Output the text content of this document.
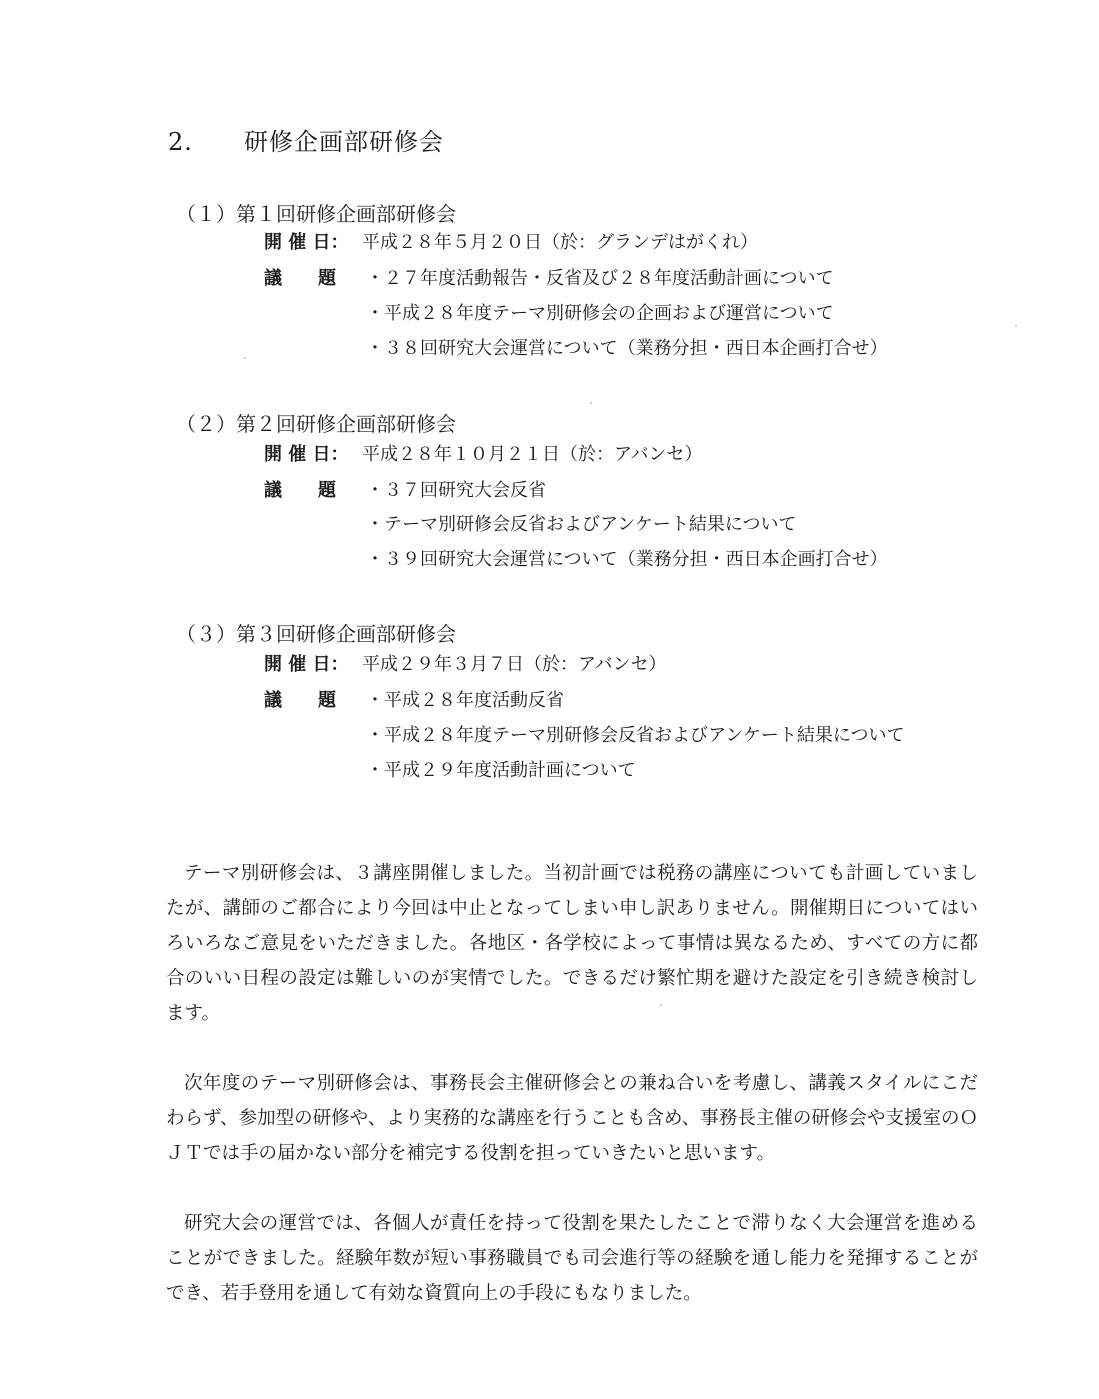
2. 研修企画部研修会
（１）第１回研修企画部研修会
開 催 日： 平成２８年５月２０日（於：グランデはがくれ）
議　　題	・２７年度活動報告・反省及び２８年度活動計画について
・平成２８年度テーマ別研修会の企画および運営について
・３８回研究大会運営について（業務分担・西日本企画打合せ）
（２）第２回研修企画部研修会
開 催 日： 平成２８年１０月２１日（於：アバンセ）
議　　題	・３７回研究大会反省
・テーマ別研修会反省およびアンケート結果について
・３９回研究大会運営について（業務分担・西日本企画打合せ）
（３）第３回研修企画部研修会
開 催 日： 平成２９年３月７日（於：アバンセ）
議　　題	・平成２８年度活動反省
・平成２８年度テーマ別研修会反省およびアンケート結果について
・平成２９年度活動計画について

テーマ別研修会は、３講座開催しました。当初計画では税務の講座についても計画していましたが、講師のご都合により今回は中止となってしまい申し訳ありません。開催期日についてはいろいろなご意見をいただきました。各地区・各学校によって事情は異なるため、すべての方に都合のいい日程の設定は難しいのが実情でした。できるだけ繁忙期を避けた設定を引き続き検討します。

次年度のテーマ別研修会は、事務長会主催研修会との兼ね合いを考慮し、講義スタイルにこだわらず、参加型の研修や、より実務的な講座を行うことも含め、事務長主催の研修会や支援室のＯＪＴでは手の届かない部分を補完する役割を担っていきたいと思います。

研究大会の運営では、各個人が責任を持って役割を果たしたことで滞りなく大会運営を進めることができました。経験年数が短い事務職員でも司会進行等の経験を通し能力を発揮することができ、若手登用を通して有効な資質向上の手段にもなりました。
